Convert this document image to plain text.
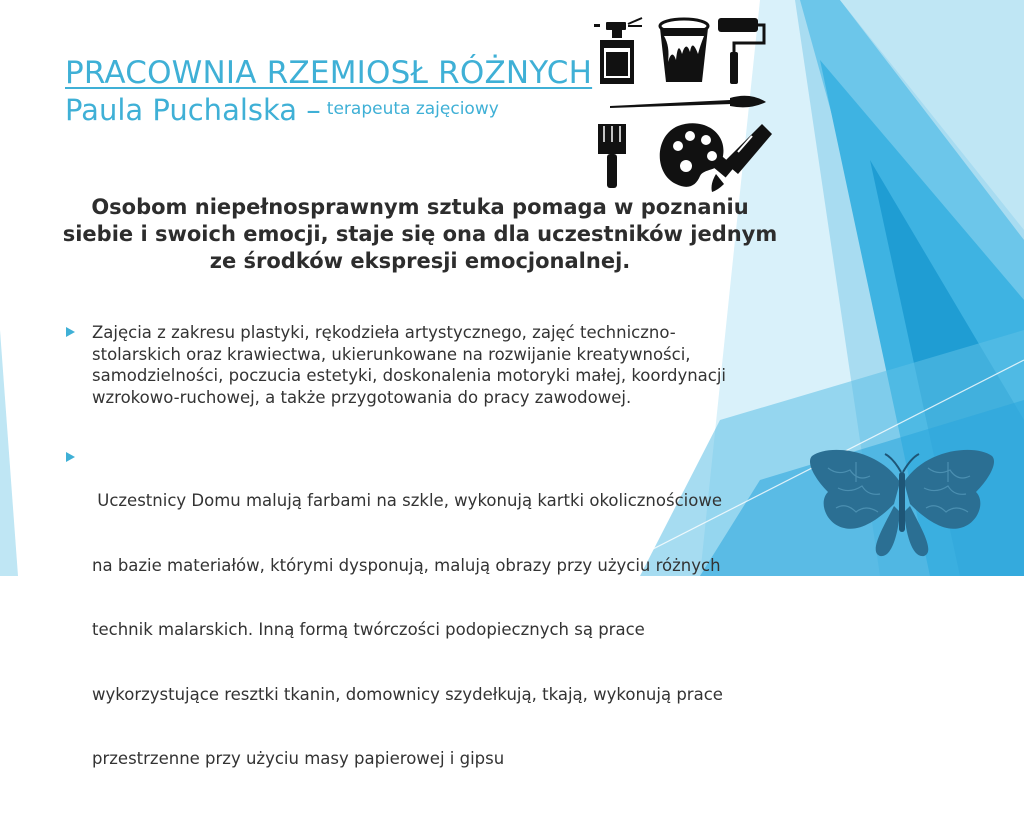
PRACOWNIA RZEMIOSŁ RÓŻNYCH
Paula Puchalska – $^{terapeuta zajęciowy}$
Osobom niepełnosprawnym sztuka pomaga w poznaniu siebie i swoich emocji, staje się ona dla uczestników jednym ze środków ekspresji emocjonalnej.
Zajęcia z zakresu plastyki, rękodzieła artystycznego, zajęć techniczno-
stolarskich oraz krawiectwa, ukierunkowane na rozwijanie kreatywności,
samodzielności, poczucia estetyki, doskonalenia motoryki małej, koordynacji
wzrokowo-ruchowej, a także przygotowania do pracy zawodowej.

Uczestnicy Domu malują farbami na szkle, wykonują kartki okolicznościowe

na bazie materiałów, którymi dysponują, malują obrazy przy użyciu różnych

technik malarskich. Inną formą twórczości podopiecznych są prace

wykorzystujące resztki tkanin, domownicy szydełkują, tkają, wykonują prace

przestrzenne przy użyciu masy papierowej i gipsu
